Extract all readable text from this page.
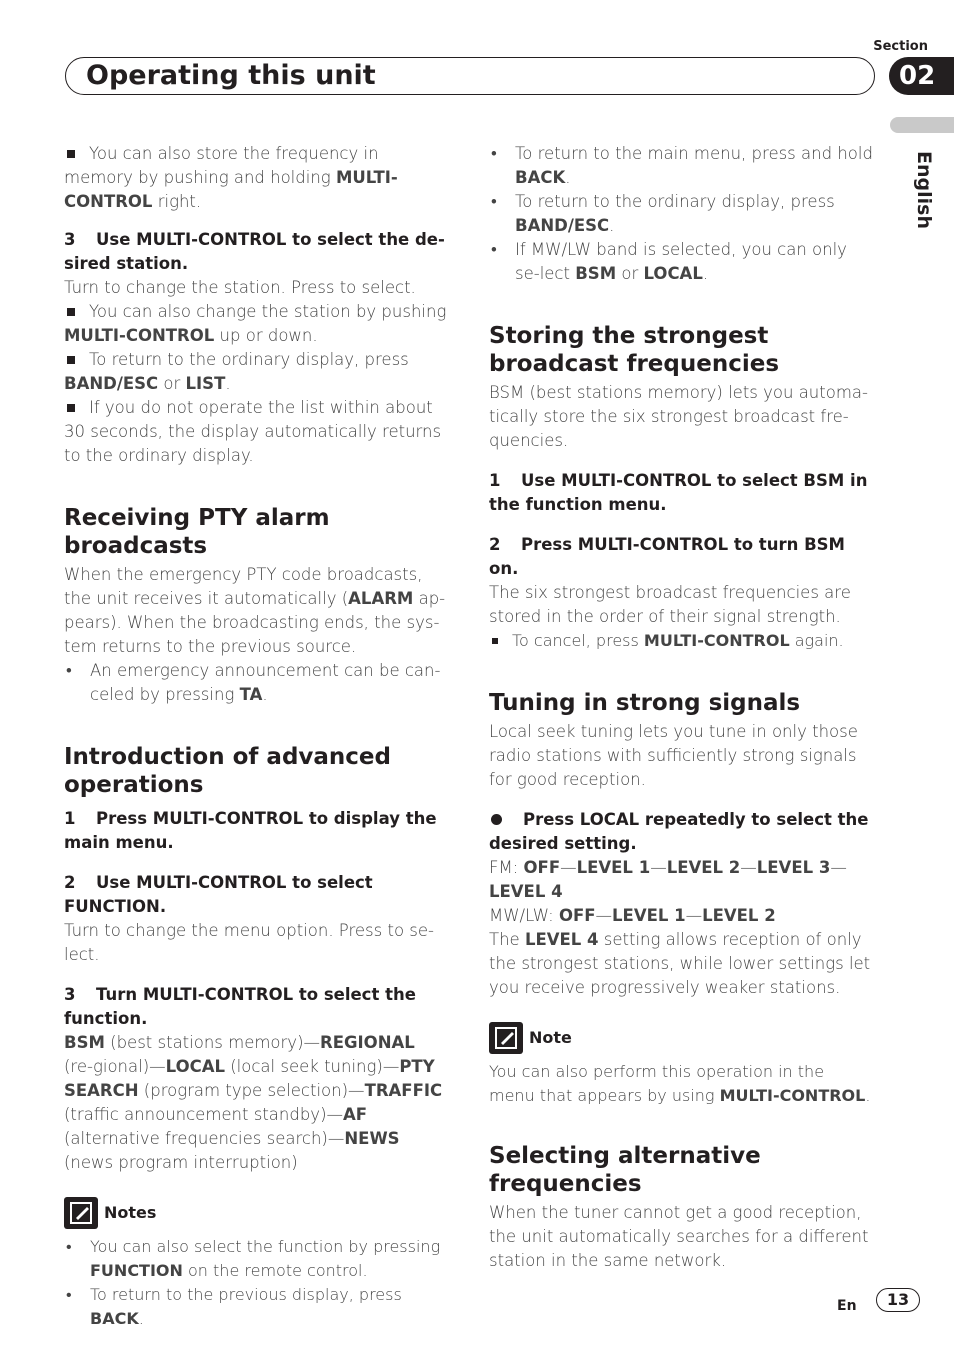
Section
Operating this unit	02
English

You can also store the frequency in memory by pushing and holding MULTI-CONTROL right.

3 Use MULTI-CONTROL to select the de-sired station.

Turn to change the station. Press to select.

You can also change the station by pushing MULTI-CONTROL up or down.

To return to the ordinary display, press BAND/ESC or LIST.

If you do not operate the list within about 30 seconds, the display automatically returns to the ordinary display.

Receiving PTY alarm broadcasts

When the emergency PTY code broadcasts, the unit receives it automatically (ALARM ap-pears). When the broadcasting ends, the sys-tem returns to the previous source.

• An emergency announcement can be can-celed by pressing TA.
Introduction of advanced operations

1 Press MULTI-CONTROL to display the main menu.

2 Use MULTI-CONTROL to select FUNCTION.

Turn to change the menu option. Press to se-lect.

3 Turn MULTI-CONTROL to select the function.

BSM (best stations memory)—REGIONAL (re-gional)—LOCAL (local seek tuning)—PTY SEARCH (program type selection)—TRAFFIC (traffic announcement standby)—AF (alternative frequencies search)—NEWS (news program interruption)

Notes
• You can also select the function by pressing FUNCTION on the remote control.
• To return to the previous display, press BACK.
• To return to the main menu, press and hold BACK.
• To return to the ordinary display, press BAND/ESC.
• If MW/LW band is selected, you can only se-lect BSM or LOCAL.
Storing the strongest broadcast frequencies

BSM (best stations memory) lets you automa-tically store the six strongest broadcast fre-quencies.

1 Use MULTI-CONTROL to select BSM in the function menu.

2 Press MULTI-CONTROL to turn BSM on.

The six strongest broadcast frequencies are stored in the order of their signal strength.

To cancel, press MULTI-CONTROL again.

Tuning in strong signals

Local seek tuning lets you tune in only those radio stations with sufficiently strong signals for good reception.

Press LOCAL repeatedly to select the desired setting.

FM: OFF—LEVEL 1—LEVEL 2—LEVEL 3—LEVEL 4

MW/LW: OFF—LEVEL 1—LEVEL 2

The LEVEL 4 setting allows reception of only the strongest stations, while lower settings let you receive progressively weaker stations.

Note

You can also perform this operation in the menu that appears by using MULTI-CONTROL.

Selecting alternative frequencies

When the tuner cannot get a good reception, the unit automatically searches for a different station in the same network.

En	13
